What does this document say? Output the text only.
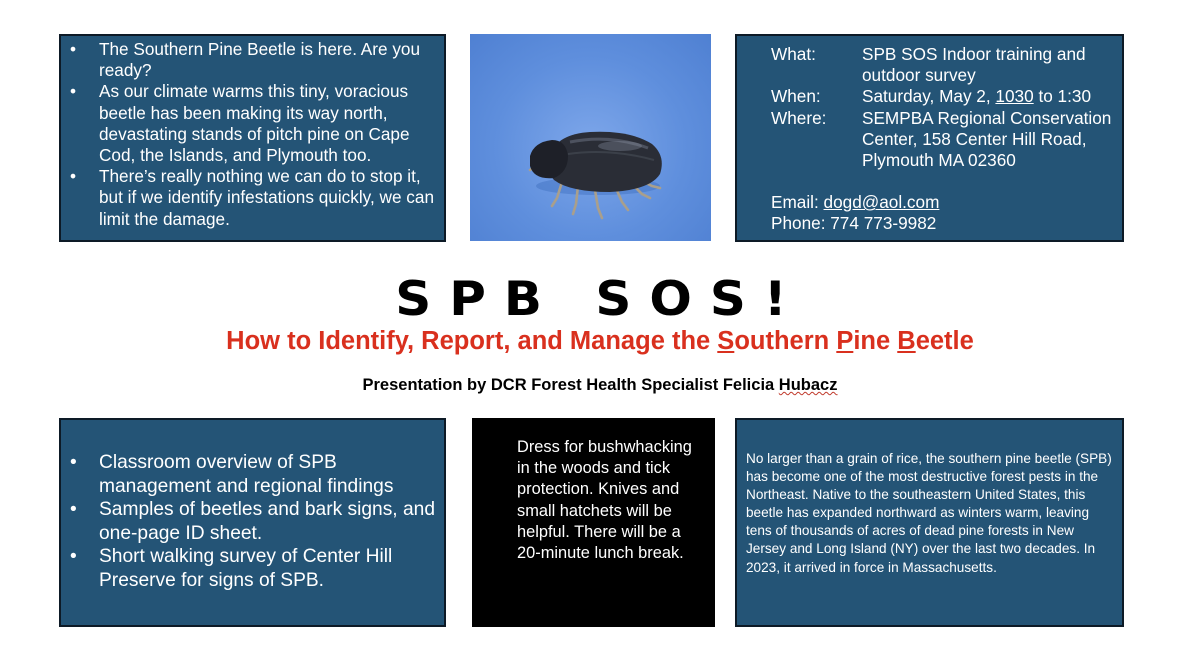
• The Southern Pine Beetle is here. Are you ready?
• As our climate warms this tiny, voracious beetle has been making its way north, devastating stands of pitch pine on Cape Cod, the Islands, and Plymouth too.
• There’s really nothing we can do to stop it, but if we identify infestations quickly, we can limit the damage.
What:	SPB SOS Indoor training and outdoor survey
When:	Saturday, May 2, 1030 to 1:30
Where:	SEMPBA Regional Conservation Center, 158 Center Hill Road, Plymouth MA 02360
Email: dogd@aol.com
Phone: 774 773-9982
SPB SOS!
How to Identify, Report, and Manage the Southern Pine Beetle
Presentation by DCR Forest Health Specialist Felicia Hubacz
• Classroom overview of SPB management and regional findings
• Samples of beetles and bark signs, and one-page ID sheet.
• Short walking survey of Center Hill Preserve for signs of SPB.
Dress for bushwhacking in the woods and tick protection. Knives and small hatchets will be helpful. There will be a 20-minute lunch break.
No larger than a grain of rice, the southern pine beetle (SPB) has become one of the most destructive forest pests in the Northeast. Native to the southeastern United States, this beetle has expanded northward as winters warm, leaving tens of thousands of acres of dead pine forests in New Jersey and Long Island (NY) over the last two decades. In 2023, it arrived in force in Massachusetts.
